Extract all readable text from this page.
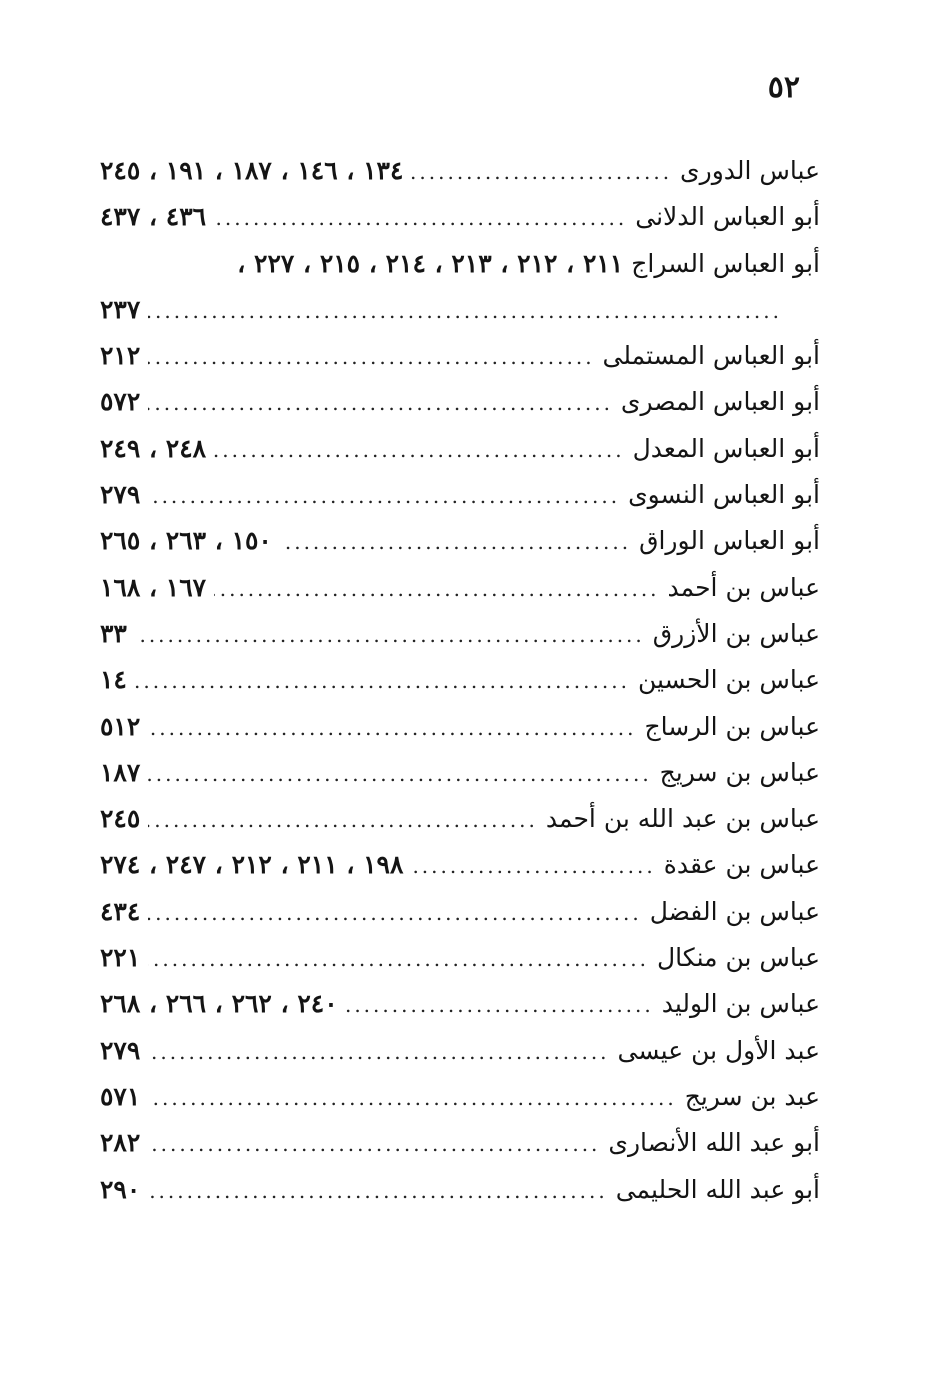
٥٢
عباس الدورى
.....
١٣٤ ، ١٤٦ ، ١٨٧ ، ١٩١ ، ٢٤٥
أبو العباس الدلانى
.....
٤٣٦ ، ٤٣٧
أبو العباس السراج
٢١١ ، ٢١٢ ، ٢١٣ ، ٢١٤ ، ٢١٥ ، ٢٢٧ ،
.....
٢٣٧
أبو العباس المستملى
.....
٢١٢
أبو العباس المصرى
.....
٥٧٢
أبو العباس المعدل
.....
٢٤٨ ، ٢٤٩
أبو العباس النسوى
.....
٢٧٩
أبو العباس الوراق
.....
١٥٠ ، ٢٦٣ ، ٢٦٥
عباس بن أحمد
.....
١٦٧ ، ١٦٨
عباس بن الأزرق
.....
٣٣
عباس بن الحسين
.....
١٤
عباس بن الرساج
.....
٥١٢
عباس بن سريج
.....
١٨٧
عباس بن عبد الله بن أحمد
.....
٢٤٥
عباس بن عقدة
.....
١٩٨ ، ٢١١ ، ٢١٢ ، ٢٤٧ ، ٢٧٤
عباس بن الفضل
.....
٤٣٤
عباس بن منكال
.....
٢٢١
عباس بن الوليد
.....
٢٤٠ ، ٢٦٢ ، ٢٦٦ ، ٢٦٨
عبد الأول بن عيسى
.....
٢٧٩
عبد بن سريج
.....
٥٧١
أبو عبد الله الأنصارى
.....
٢٨٢
أبو عبد الله الحليمى
.....
٢٩٠
